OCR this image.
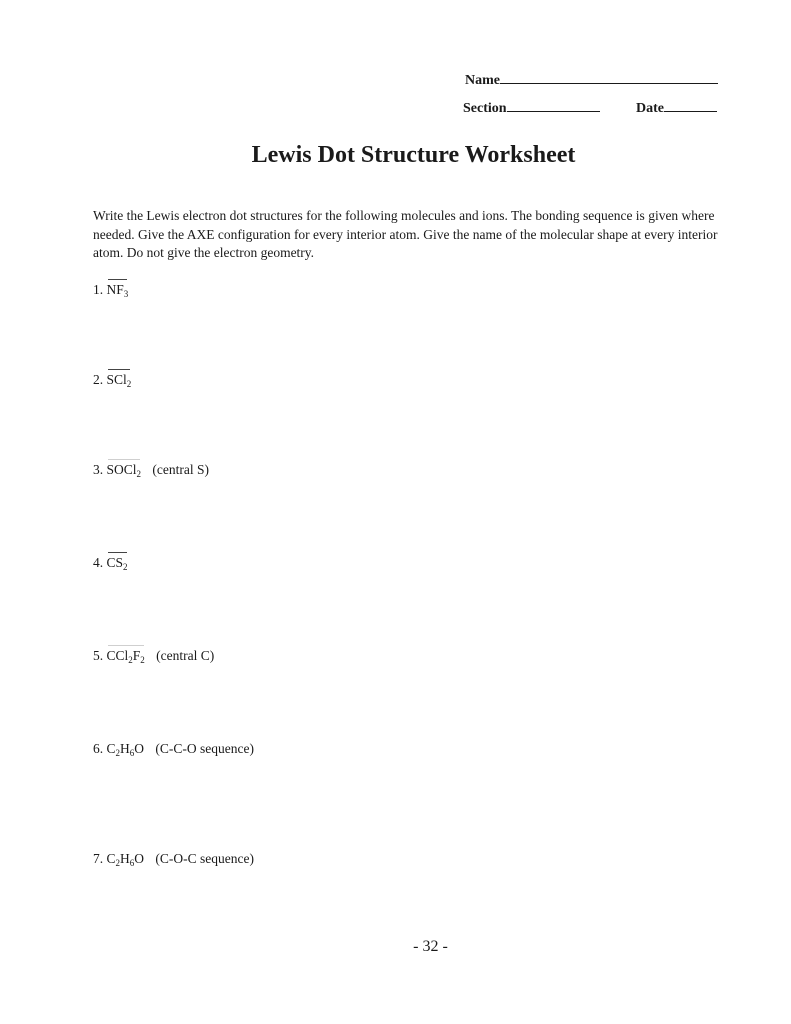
Name
Section	Date
Lewis Dot Structure Worksheet
Write the Lewis electron dot structures for the following molecules and ions. The bonding sequence is given where needed. Give the AXE configuration for every interior atom. Give the name of the molecular shape at every interior atom. Do not give the electron geometry.
1. $NF_3$
2. SCl$_2$
3. SOCl$_2$ (central S)
4. $CS_2$
5. $CCl_2F_2$ (central C)
6. $C_2H_6O$ (C-C-O sequence)
7. $C_2H_6O$ (C-O-C sequence)
- 32 -
